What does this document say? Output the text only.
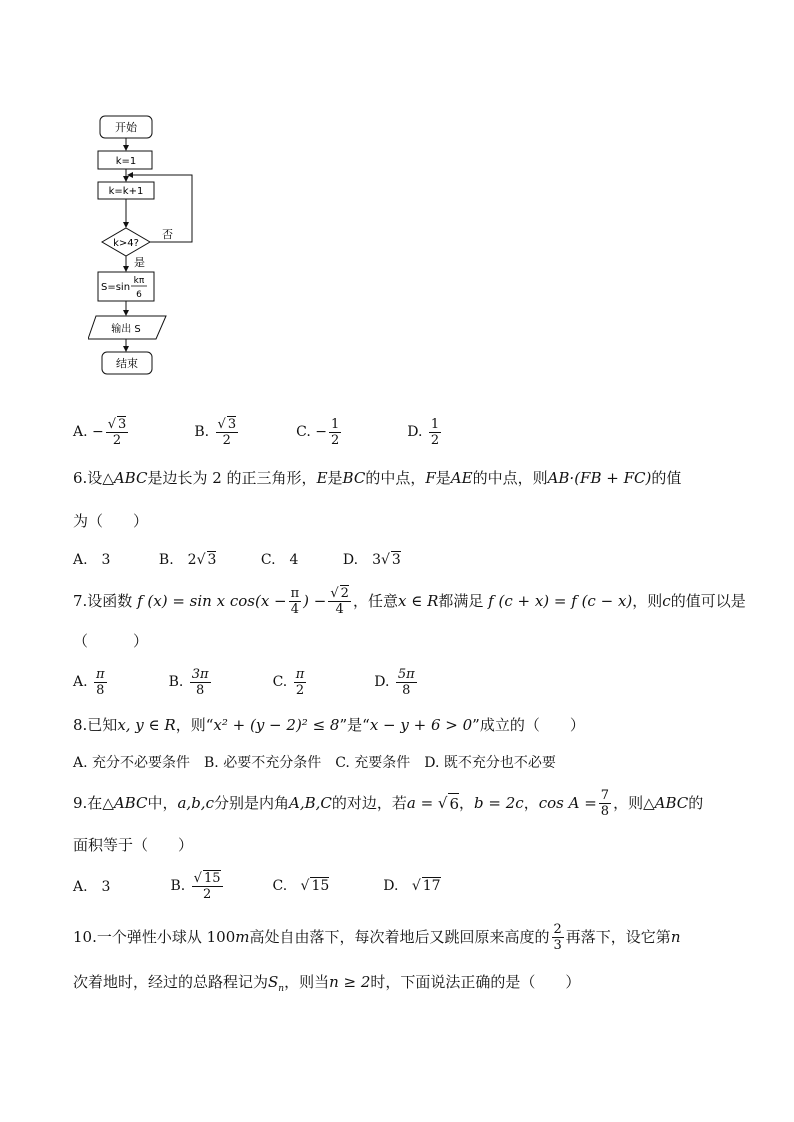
开始
k=1
k=k+1
k>4?
否
是
S=sin
kπ
6
输出 S
结束
A.
− $\frac{√ 3}{2}$	B.
$\frac{√ 3}{2}$	C.
− $\frac{1}{2}$	D.
$\frac{1}{2}$
6.设△ABC是边长为 2 的正三角形，E是BC的中点，F是AE的中点，则AB·(FB + FC)的值
为（　　）
A.　3	B.　2√ 3	C.　4	D.　3√ 3
7.设函数
f (x) = sin x $\cos(x - \frac{\pi}{4}$ ) − $\frac{√ 2}{4}$ ，任意 x ∈ R 都满足
f (c + x) = f (c − x) ，则 c 的值可以是
（　　　）
A.
$\frac{\pi}{8}$	B.
$\frac{3\pi}{8}$	C.
$\frac{\pi}{2}$	D.
$\frac{5\pi}{8}$
8.已知x, y ∈ R，则“x² + (y − 2)² ≤ 8”是“x − y + 6 > 0”成立的（　　）
A. 充分不必要条件　B. 必要不充分条件　C. 充要条件　D. 既不充分也不必要
9.在 △ABC 中， a,b,c 分别是内角 A,B,C 的对边，若 a = √ 6 ， b = 2c ， $\cos A = \frac{7}{8}$ ，则 △ABC 的
面积等于（　　）
A.　3	B.
$\frac{√ 15}{2}$	C.   √ 15	D.   √ 17
10.一个弹性小球从 100 m 高处自由落下，每次着地后又跳回原来高度的 $\frac{2}{3}$ 再落下，设它第 n
次着地时，经过的总路程记为$S_n$，则当n ≥ 2时，下面说法正确的是（　　）
